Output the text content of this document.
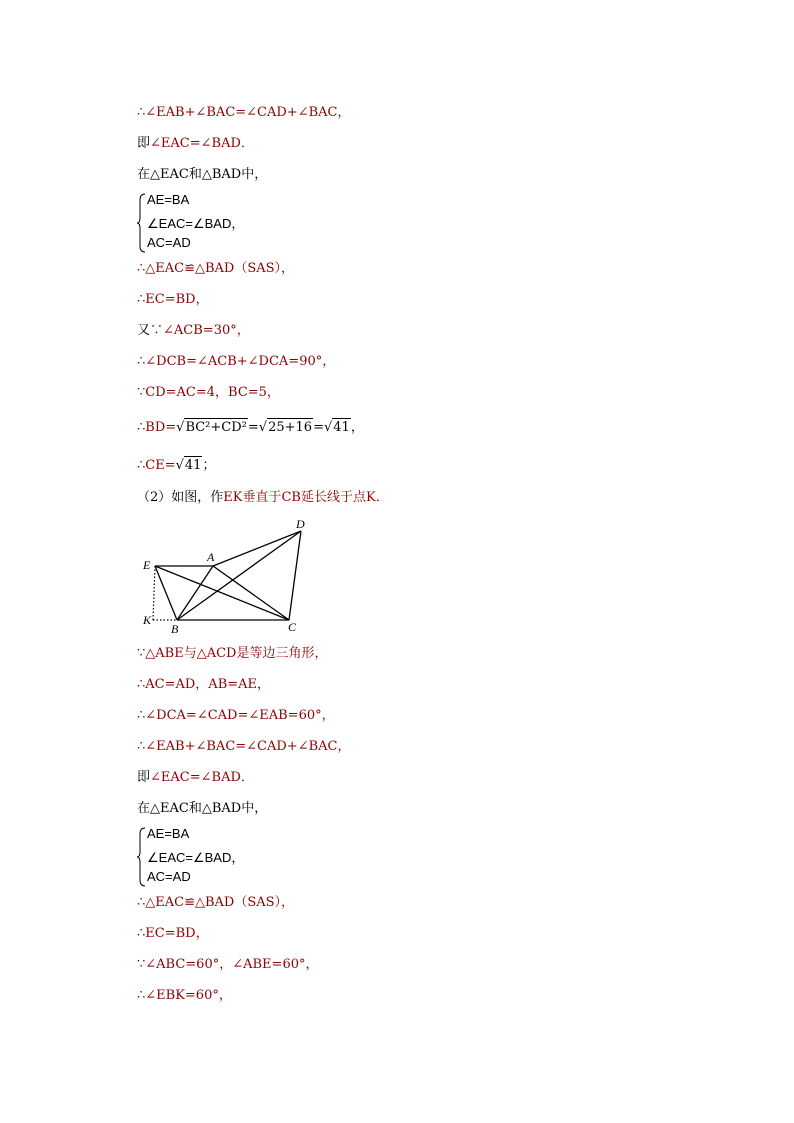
∴∠EAB+∠BAC=∠CAD+∠BAC，
即∠EAC=∠BAD．
在△EAC和△BAD中，
AE=BA
∠EAC=∠BAD，
AC=AD
∴△EAC≌△BAD（SAS），
∴EC=BD，
又∵∠ACB=30°，
∴∠DCB=∠ACB+∠DCA=90°，
∵CD=AC=4，BC=5，
∴BD=√BC²+CD²=√25+16=√41，
∴CE=√41；
（2）如图，作EK垂直于CB延长线于点K．
E
A
D
K
B	C
∵△ABE与△ACD是等边三角形，
∴AC=AD，AB=AE，
∴∠DCA=∠CAD=∠EAB=60°，
∴∠EAB+∠BAC=∠CAD+∠BAC，
即∠EAC=∠BAD．
在△EAC和△BAD中，
AE=BA
∠EAC=∠BAD，
AC=AD
∴△EAC≌△BAD（SAS），
∴EC=BD，
∵∠ABC=60°，∠ABE=60°，
∴∠EBK=60°，
